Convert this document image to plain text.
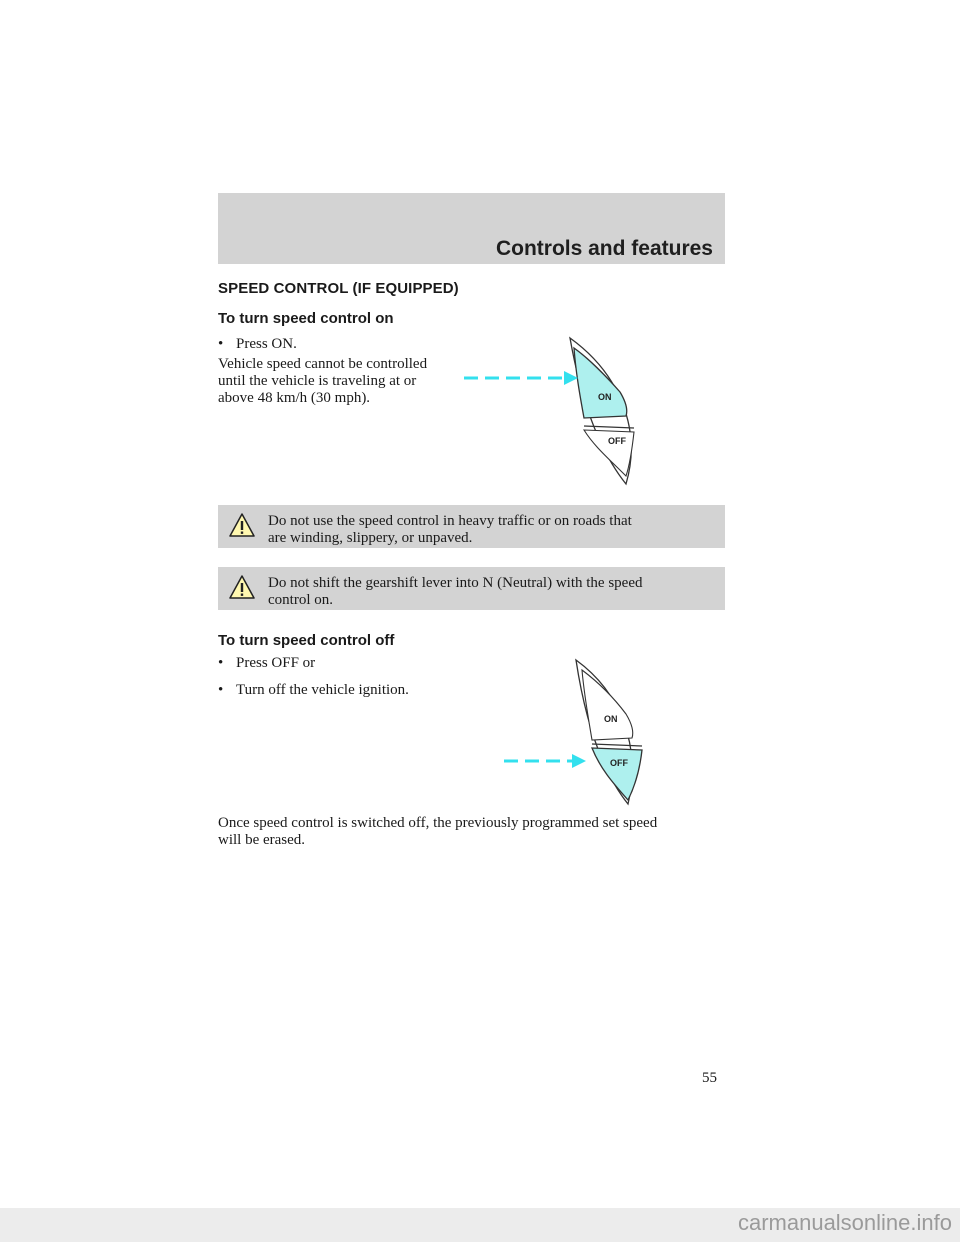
Controls and features
SPEED CONTROL (IF EQUIPPED)
To turn speed control on
• Press ON.
Vehicle speed cannot be controlled
until the vehicle is traveling at or
above 48 km/h (30 mph).	ON
OFF
Do not use the speed control in heavy traffic or on roads that
are winding, slippery, or unpaved.
Do not shift the gearshift lever into N (Neutral) with the speed
control on.
To turn speed control off
• Press OFF or
• Turn off the vehicle ignition.
ON
OFF
Once speed control is switched off, the previously programmed set speed
will be erased.
55
carmanualsonline.info
